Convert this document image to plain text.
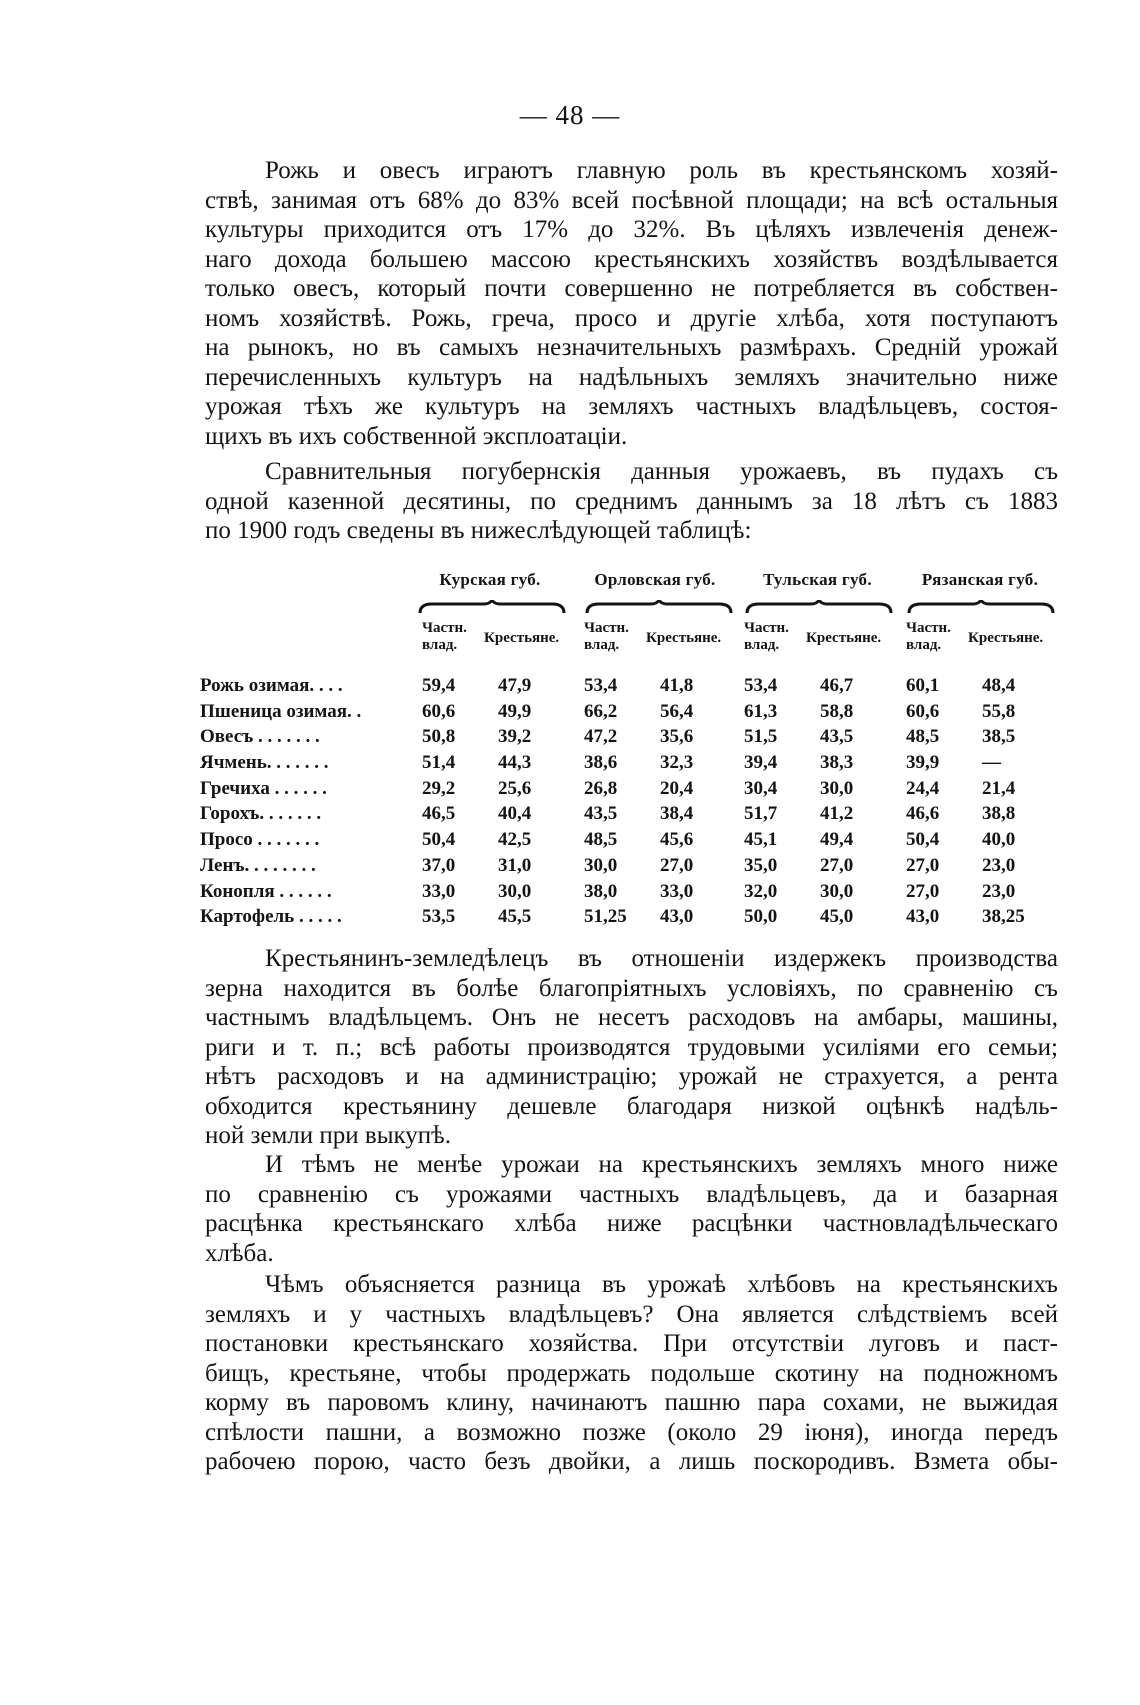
— 48 —
Рожь и овесъ играютъ главную роль въ крестьянскомъ хозяй-
ствѣ, занимая отъ 68% до 83% всей посѣвной площади; на всѣ остальныя
культуры приходится отъ 17% до 32%. Въ цѣляхъ извлеченія денеж-
наго дохода большею массою крестьянскихъ хозяйствъ воздѣлывается
только овесъ, который почти совершенно не потребляется въ собствен-
номъ хозяйствѣ. Рожь, греча, просо и другіе хлѣба, хотя поступаютъ
на рынокъ, но въ самыхъ незначительныхъ размѣрахъ. Среднiй урожай
перечисленныхъ культуръ на надѣльныхъ земляхъ значительно ниже
урожая тѣхъ же культуръ на земляхъ частныхъ владѣльцевъ, состоя-
щихъ въ ихъ собственной эксплоатаціи.
Сравнительныя погубернскія данныя урожаевъ, въ пудахъ съ
одной казенной десятины, по среднимъ даннымъ за 18 лѣтъ съ 1883
по 1900 годъ сведены въ нижеслѣдующей таблицѣ:
Курская губ.	Орловская губ.	Тульская губ.	Рязанская губ.
Частн.
влад.	Крестьяне.
Частн.
влад.	Крестьяне.
Частн.
влад.	Крестьяне.
Частн.
влад.	Крестьяне.
Рожь озимая. . . .	59,4	47,9	53,4	41,8	53,4	46,7	60,1	48,4
Пшеница озимая. .	60,6	49,9	66,2	56,4	61,3	58,8	60,6	55,8
Овесъ . . . . . . .	50,8	39,2	47,2	35,6	51,5	43,5	48,5	38,5
Ячмень. . . . . . .	51,4	44,3	38,6	32,3	39,4	38,3	39,9	—
Гречиха . . . . . .	29,2	25,6	26,8	20,4	30,4	30,0	24,4	21,4
Горохъ. . . . . . .	46,5	40,4	43,5	38,4	51,7	41,2	46,6	38,8
Просо . . . . . . .	50,4	42,5	48,5	45,6	45,1	49,4	50,4	40,0
Ленъ. . . . . . . .	37,0	31,0	30,0	27,0	35,0	27,0	27,0	23,0
Конопля . . . . . .	33,0	30,0	38,0	33,0	32,0	30,0	27,0	23,0
Картофель . . . . .	53,5	45,5	51,25	43,0	50,0	45,0	43,0	38,25
Крестьянинъ-земледѣлецъ въ отношеніи издержекъ производства
зерна находится въ болѣе благопріятныхъ условіяхъ, по сравненію съ
частнымъ владѣльцемъ. Онъ не несетъ расходовъ на амбары, машины,
риги и т. п.; всѣ работы производятся трудовыми усиліями его семьи;
нѣтъ расходовъ и на администрацію; урожай не страхуется, а рента
обходится крестьянину дешевле благодаря низкой оцѣнкѣ надѣль-
ной земли при выкупѣ.
И тѣмъ не менѣе урожаи на крестьянскихъ земляхъ много ниже
по сравненію съ урожаями частныхъ владѣльцевъ, да и базарная
расцѣнка крестьянскаго хлѣба ниже расцѣнки частновладѣльческаго
хлѣба.
Чѣмъ объясняется разница въ урожаѣ хлѣбовъ на крестьянскихъ
земляхъ и у частныхъ владѣльцевъ? Она является слѣдствіемъ всей
постановки крестьянскаго хозяйства. При отсутствіи луговъ и паст-
бищъ, крестьяне, чтобы продержать подольше скотину на подножномъ
корму въ паровомъ клину, начинаютъ пашню пара сохами, не выжидая
спѣлости пашни, а возможно позже (около 29 іюня), иногда передъ
рабочею порою, часто безъ двойки, а лишь поскородивъ. Взмета обы-
